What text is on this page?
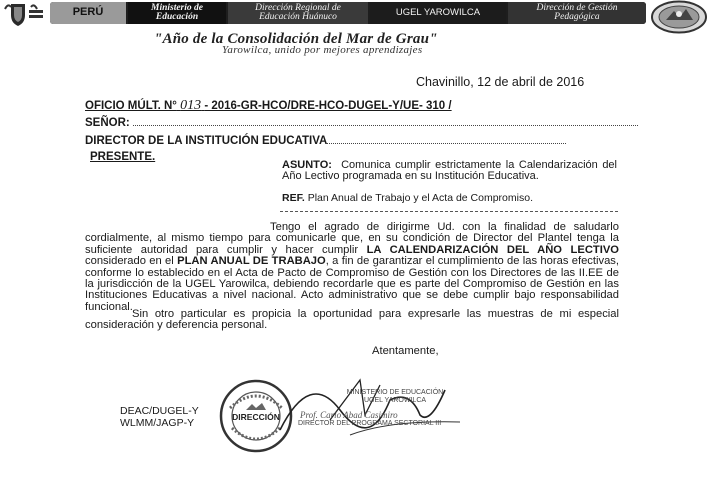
PERÚ	Ministerio de
Educación
Dirección Regional de
Educación Huánuco	UGEL YAROWILCA	Dirección de Gestión
Pedagógica
"Año de la Consolidación del Mar de Grau"
Yarowilca, unido por mejores aprendizajes
Chavinillo, 12 de abril de 2016
OFICIO MÚLT. N° 013 - 2016-GR-HCO/DRE-HCO-DUGEL-Y/UE- 310 /
SEÑOR:
DIRECTOR DE LA INSTITUCIÓN EDUCATIVA
PRESENTE.
ASUNTO: Comunica cumplir estrictamente la Calendarización del Año Lectivo programada en su Institución Educativa.
REF. Plan Anual de Trabajo y el Acta de Compromiso.
Tengo el agrado de dirigirme Ud. con la finalidad de saludarlo cordialmente, al mismo tiempo para comunicarle que, en su condición de Director del Plantel tenga la suficiente autoridad para cumplir y hacer cumplir LA CALENDARIZACIÓN DEL AÑO LECTIVO considerado en el PLAN ANUAL DE TRABAJO, a fin de garantizar el cumplimiento de las horas efectivas, conforme lo establecido en el Acta de Pacto de Compromiso de Gestión con los Directores de las II.EE de la jurisdicción de la UGEL Yarowilca, debiendo recordarle que es parte del Compromiso de Gestión en las Instituciones Educativas a nivel nacional. Acto administrativo que se debe cumplir bajo responsabilidad funcional.
Sin otro particular es propicia la oportunidad para expresarle las muestras de mi especial consideración y deferencia personal.
Atentamente,
DIRECCIÓN
MINISTERIO DE EDUCACIÓN
UGEL YAROWILCA
Prof. Carlo Abad Casimiro
DIRECTOR DEL PROGRAMA SECTORIAL III
DEAC/DUGEL-Y
WLMM/JAGP-Y
